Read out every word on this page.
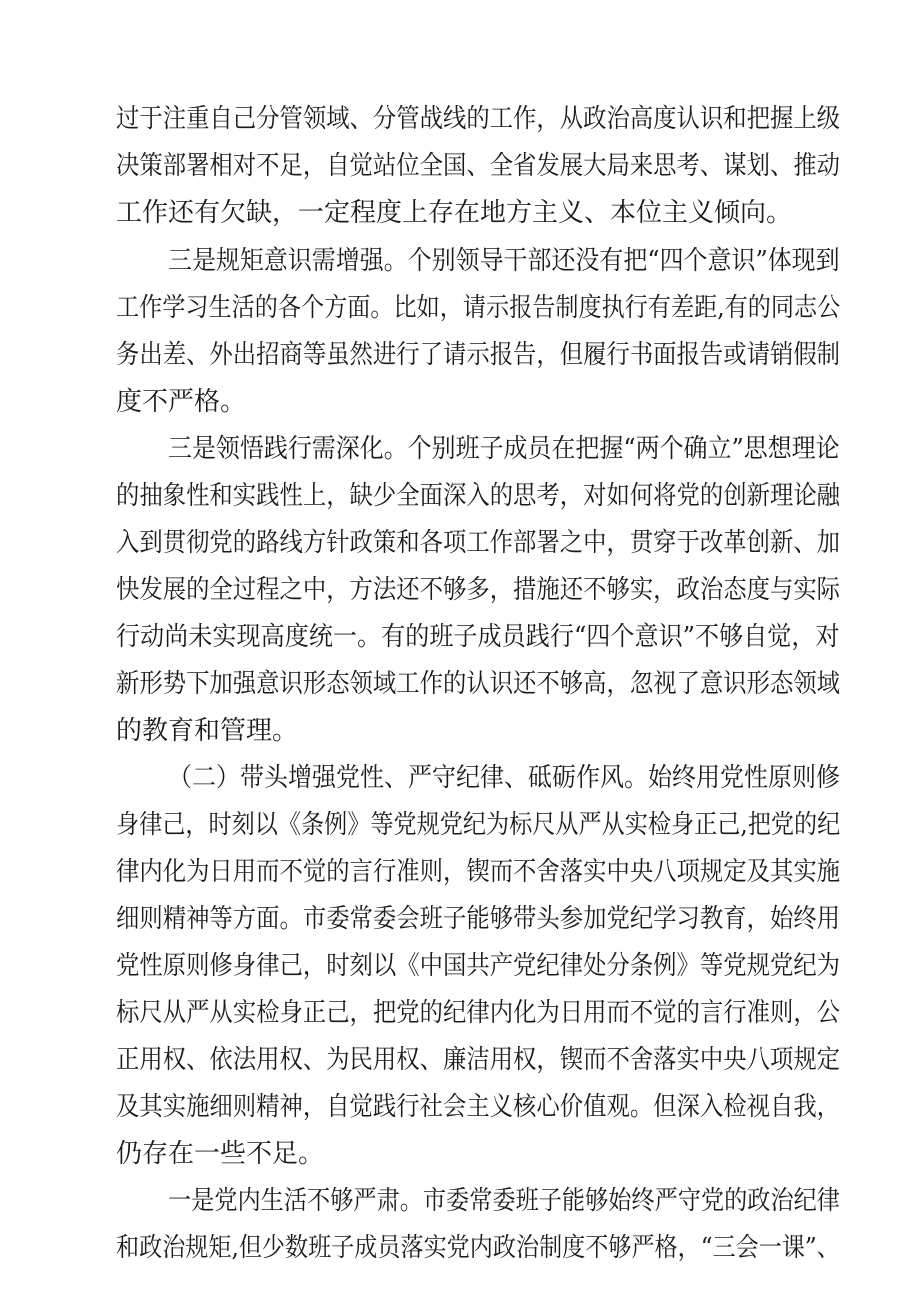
过于注重自己分管领域、分管战线的工作，从政治高度认识和把握上级
决策部署相对不足，自觉站位全国、全省发展大局来思考、谋划、推动
工作还有欠缺，一定程度上存在地方主义、本位主义倾向。
三是规矩意识需增强。个别领导干部还没有把“四个意识”体现到
工作学习生活的各个方面。比如，请示报告制度执行有差距,有的同志公
务出差、外出招商等虽然进行了请示报告，但履行书面报告或请销假制
度不严格。
三是领悟践行需深化。个别班子成员在把握“两个确立”思想理论
的抽象性和实践性上，缺少全面深入的思考，对如何将党的创新理论融
入到贯彻党的路线方针政策和各项工作部署之中，贯穿于改革创新、加
快发展的全过程之中，方法还不够多，措施还不够实，政治态度与实际
行动尚未实现高度统一。有的班子成员践行“四个意识”不够自觉，对
新形势下加强意识形态领域工作的认识还不够高，忽视了意识形态领域
的教育和管理。
（二）带头增强党性、严守纪律、砥砺作风。始终用党性原则修
身律己，时刻以《条例》等党规党纪为标尺从严从实检身正己,把党的纪
律内化为日用而不觉的言行准则，锲而不舍落实中央八项规定及其实施
细则精神等方面。市委常委会班子能够带头参加党纪学习教育，始终用
党性原则修身律己，时刻以《中国共产党纪律处分条例》等党规党纪为
标尺从严从实检身正己，把党的纪律内化为日用而不觉的言行准则，公
正用权、依法用权、为民用权、廉洁用权，锲而不舍落实中央八项规定
及其实施细则精神，自觉践行社会主义核心价值观。但深入检视自我，
仍存在一些不足。
一是党内生活不够严肃。市委常委班子能够始终严守党的政治纪律
和政治规矩,但少数班子成员落实党内政治制度不够严格，“三会一课”、
